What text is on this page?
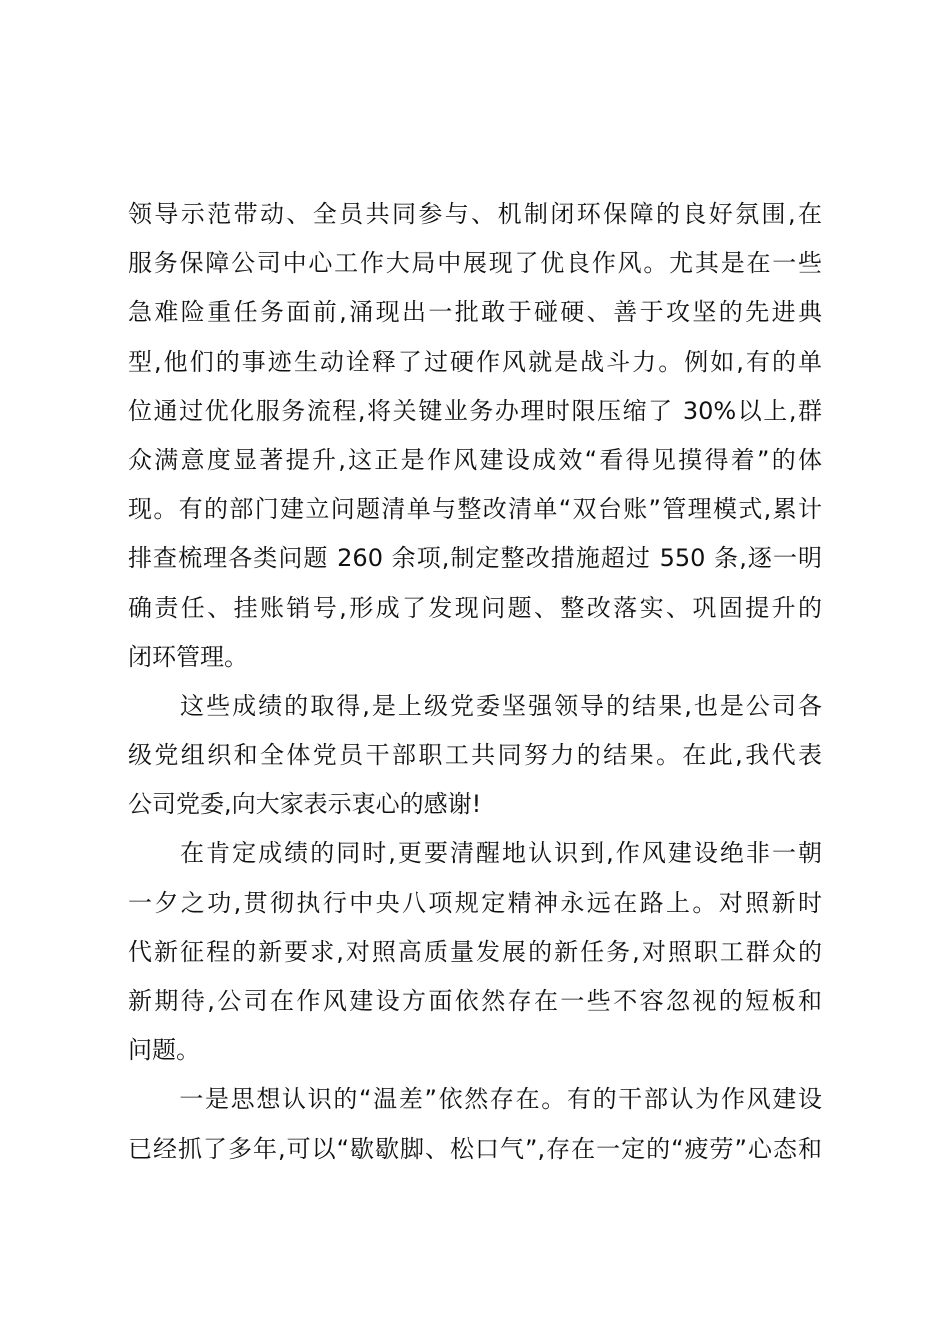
领导示范带动、全员共同参与、机制闭环保障的良好氛围,在
服务保障公司中心工作大局中展现了优良作风。尤其是在一些
急难险重任务面前,涌现出一批敢于碰硬、善于攻坚的先进典
型,他们的事迹生动诠释了过硬作风就是战斗力。例如,有的单
位通过优化服务流程,将关键业务办理时限压缩了 30%以上,群
众满意度显著提升,这正是作风建设成效“看得见摸得着”的体
现。有的部门建立问题清单与整改清单“双台账”管理模式,累计
排查梳理各类问题 260 余项,制定整改措施超过 550 条,逐一明
确责任、挂账销号,形成了发现问题、整改落实、巩固提升的
闭环管理。
　　这些成绩的取得,是上级党委坚强领导的结果,也是公司各
级党组织和全体党员干部职工共同努力的结果。在此,我代表
公司党委,向大家表示衷心的感谢!
　　在肯定成绩的同时,更要清醒地认识到,作风建设绝非一朝
一夕之功,贯彻执行中央八项规定精神永远在路上。对照新时
代新征程的新要求,对照高质量发展的新任务,对照职工群众的
新期待,公司在作风建设方面依然存在一些不容忽视的短板和
问题。
　　一是思想认识的“温差”依然存在。有的干部认为作风建设
已经抓了多年,可以“歇歇脚、松口气”,存在一定的“疲劳”心态和
